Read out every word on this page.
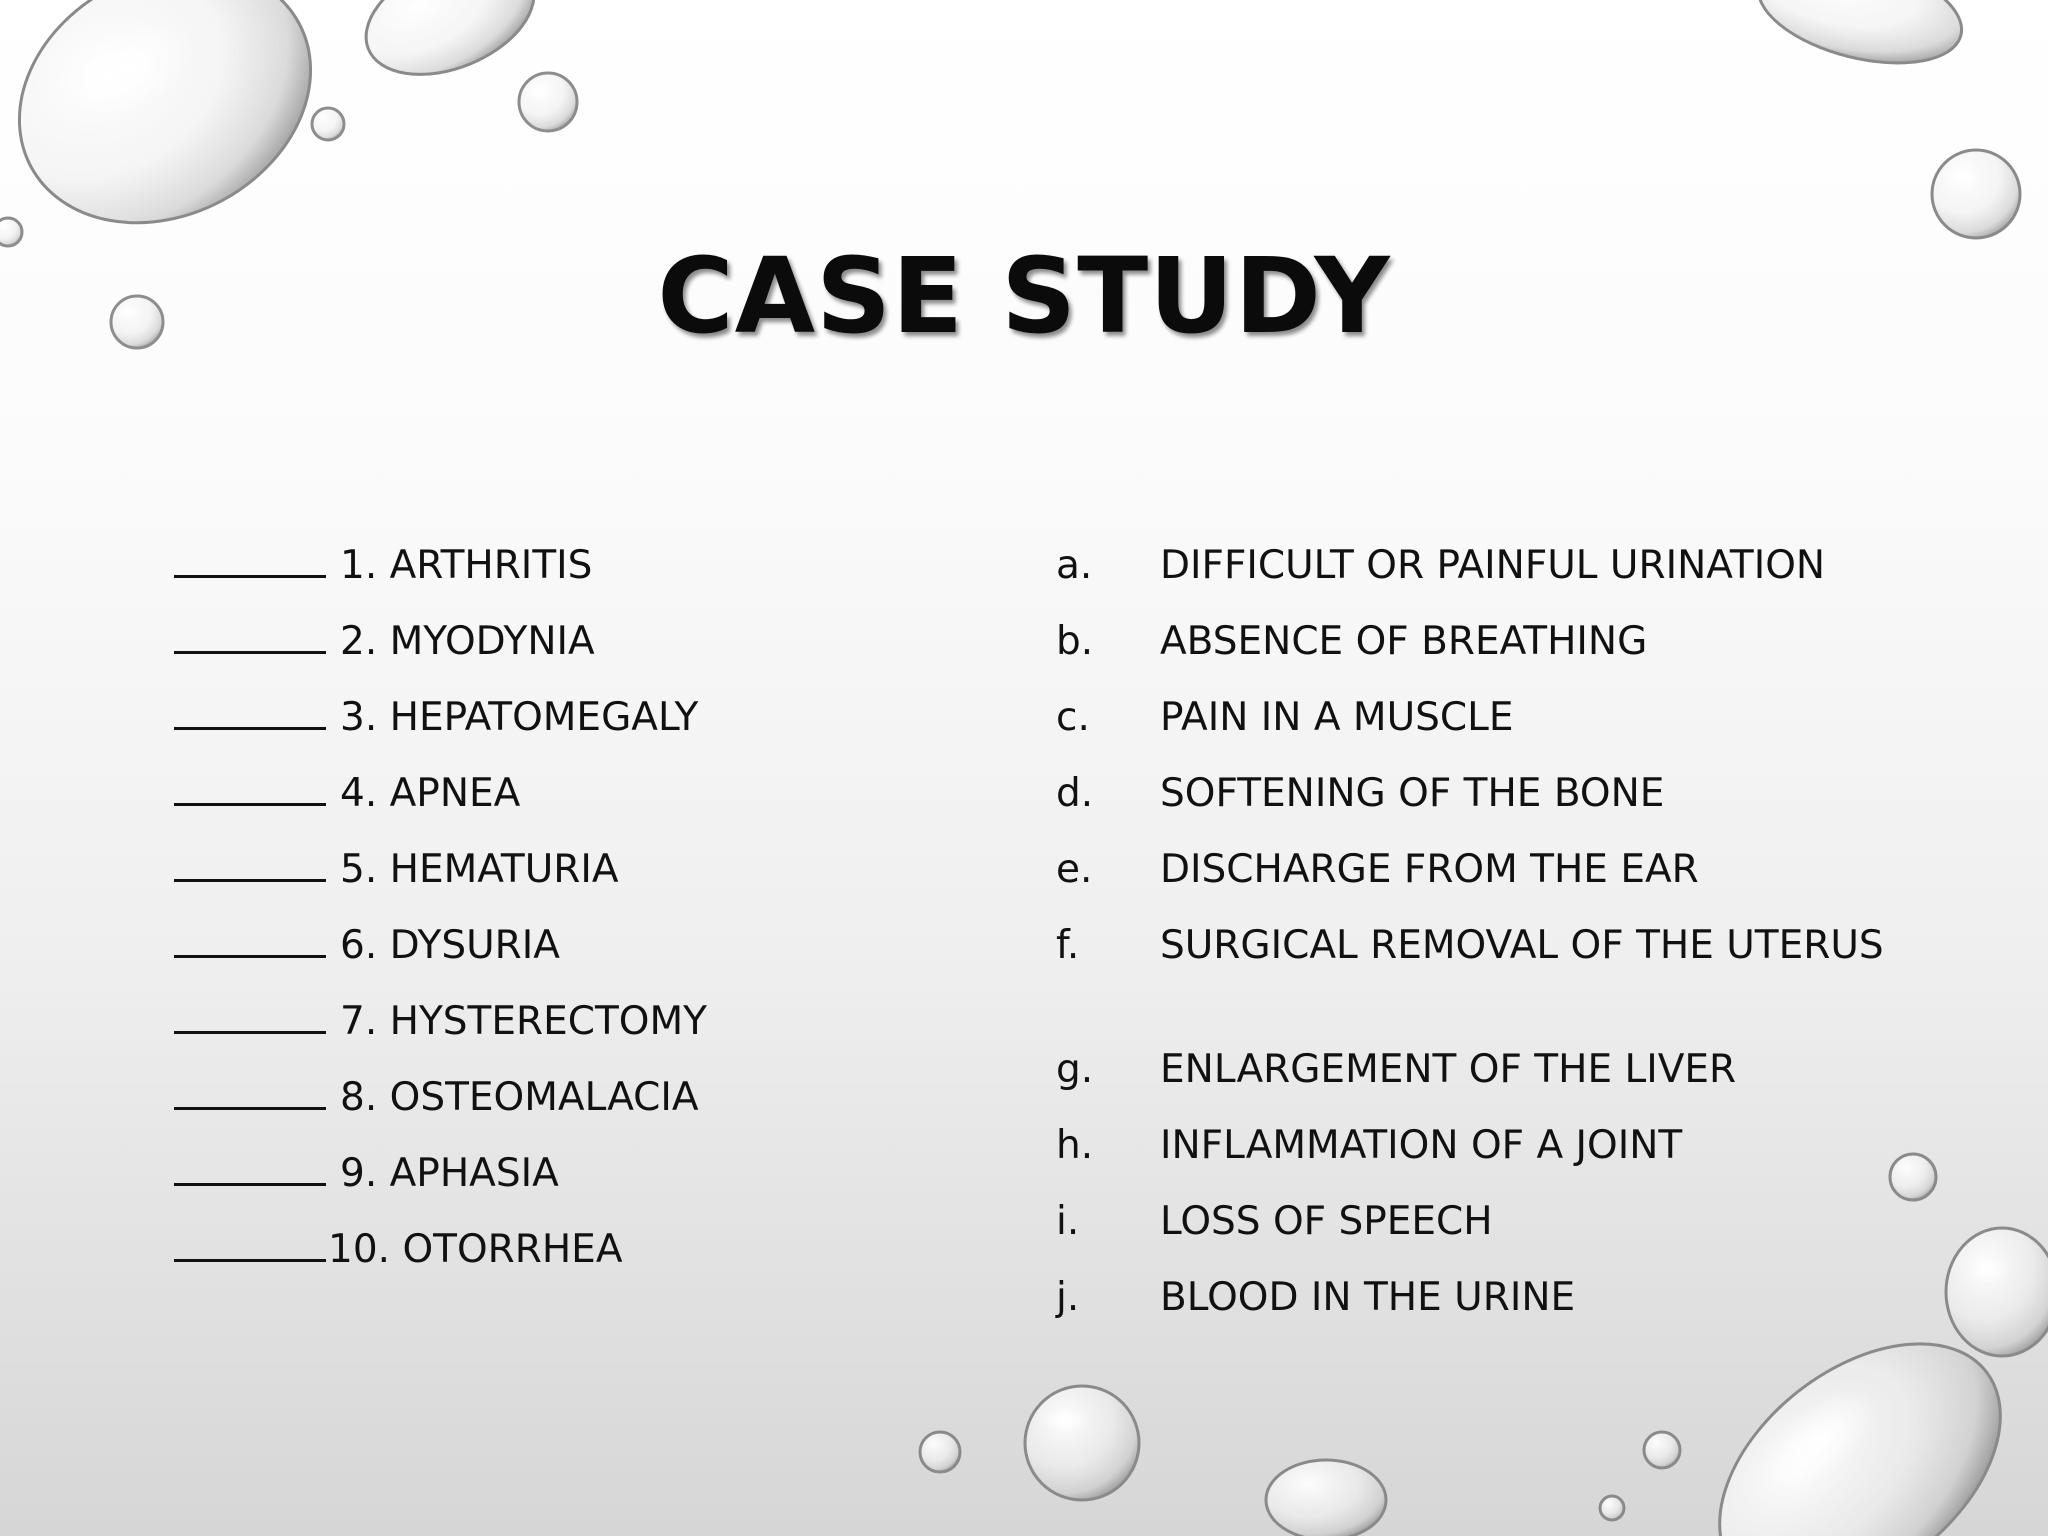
CASE STUDY
1. ARTHRITIS
2. MYODYNIA
3. HEPATOMEGALY
4. APNEA
5. HEMATURIA
6. DYSURIA
7. HYSTERECTOMY
8. OSTEOMALACIA
9. APHASIA
10. OTORRHEA
a.	DIFFICULT OR PAINFUL URINATION
b.	ABSENCE OF BREATHING
c.	PAIN IN A MUSCLE
d.	SOFTENING OF THE BONE
e.	DISCHARGE FROM THE EAR
f.	SURGICAL REMOVAL OF THE UTERUS
g.	ENLARGEMENT OF THE LIVER
h.	INFLAMMATION OF A JOINT
i.	LOSS OF SPEECH
j.	BLOOD IN THE URINE
